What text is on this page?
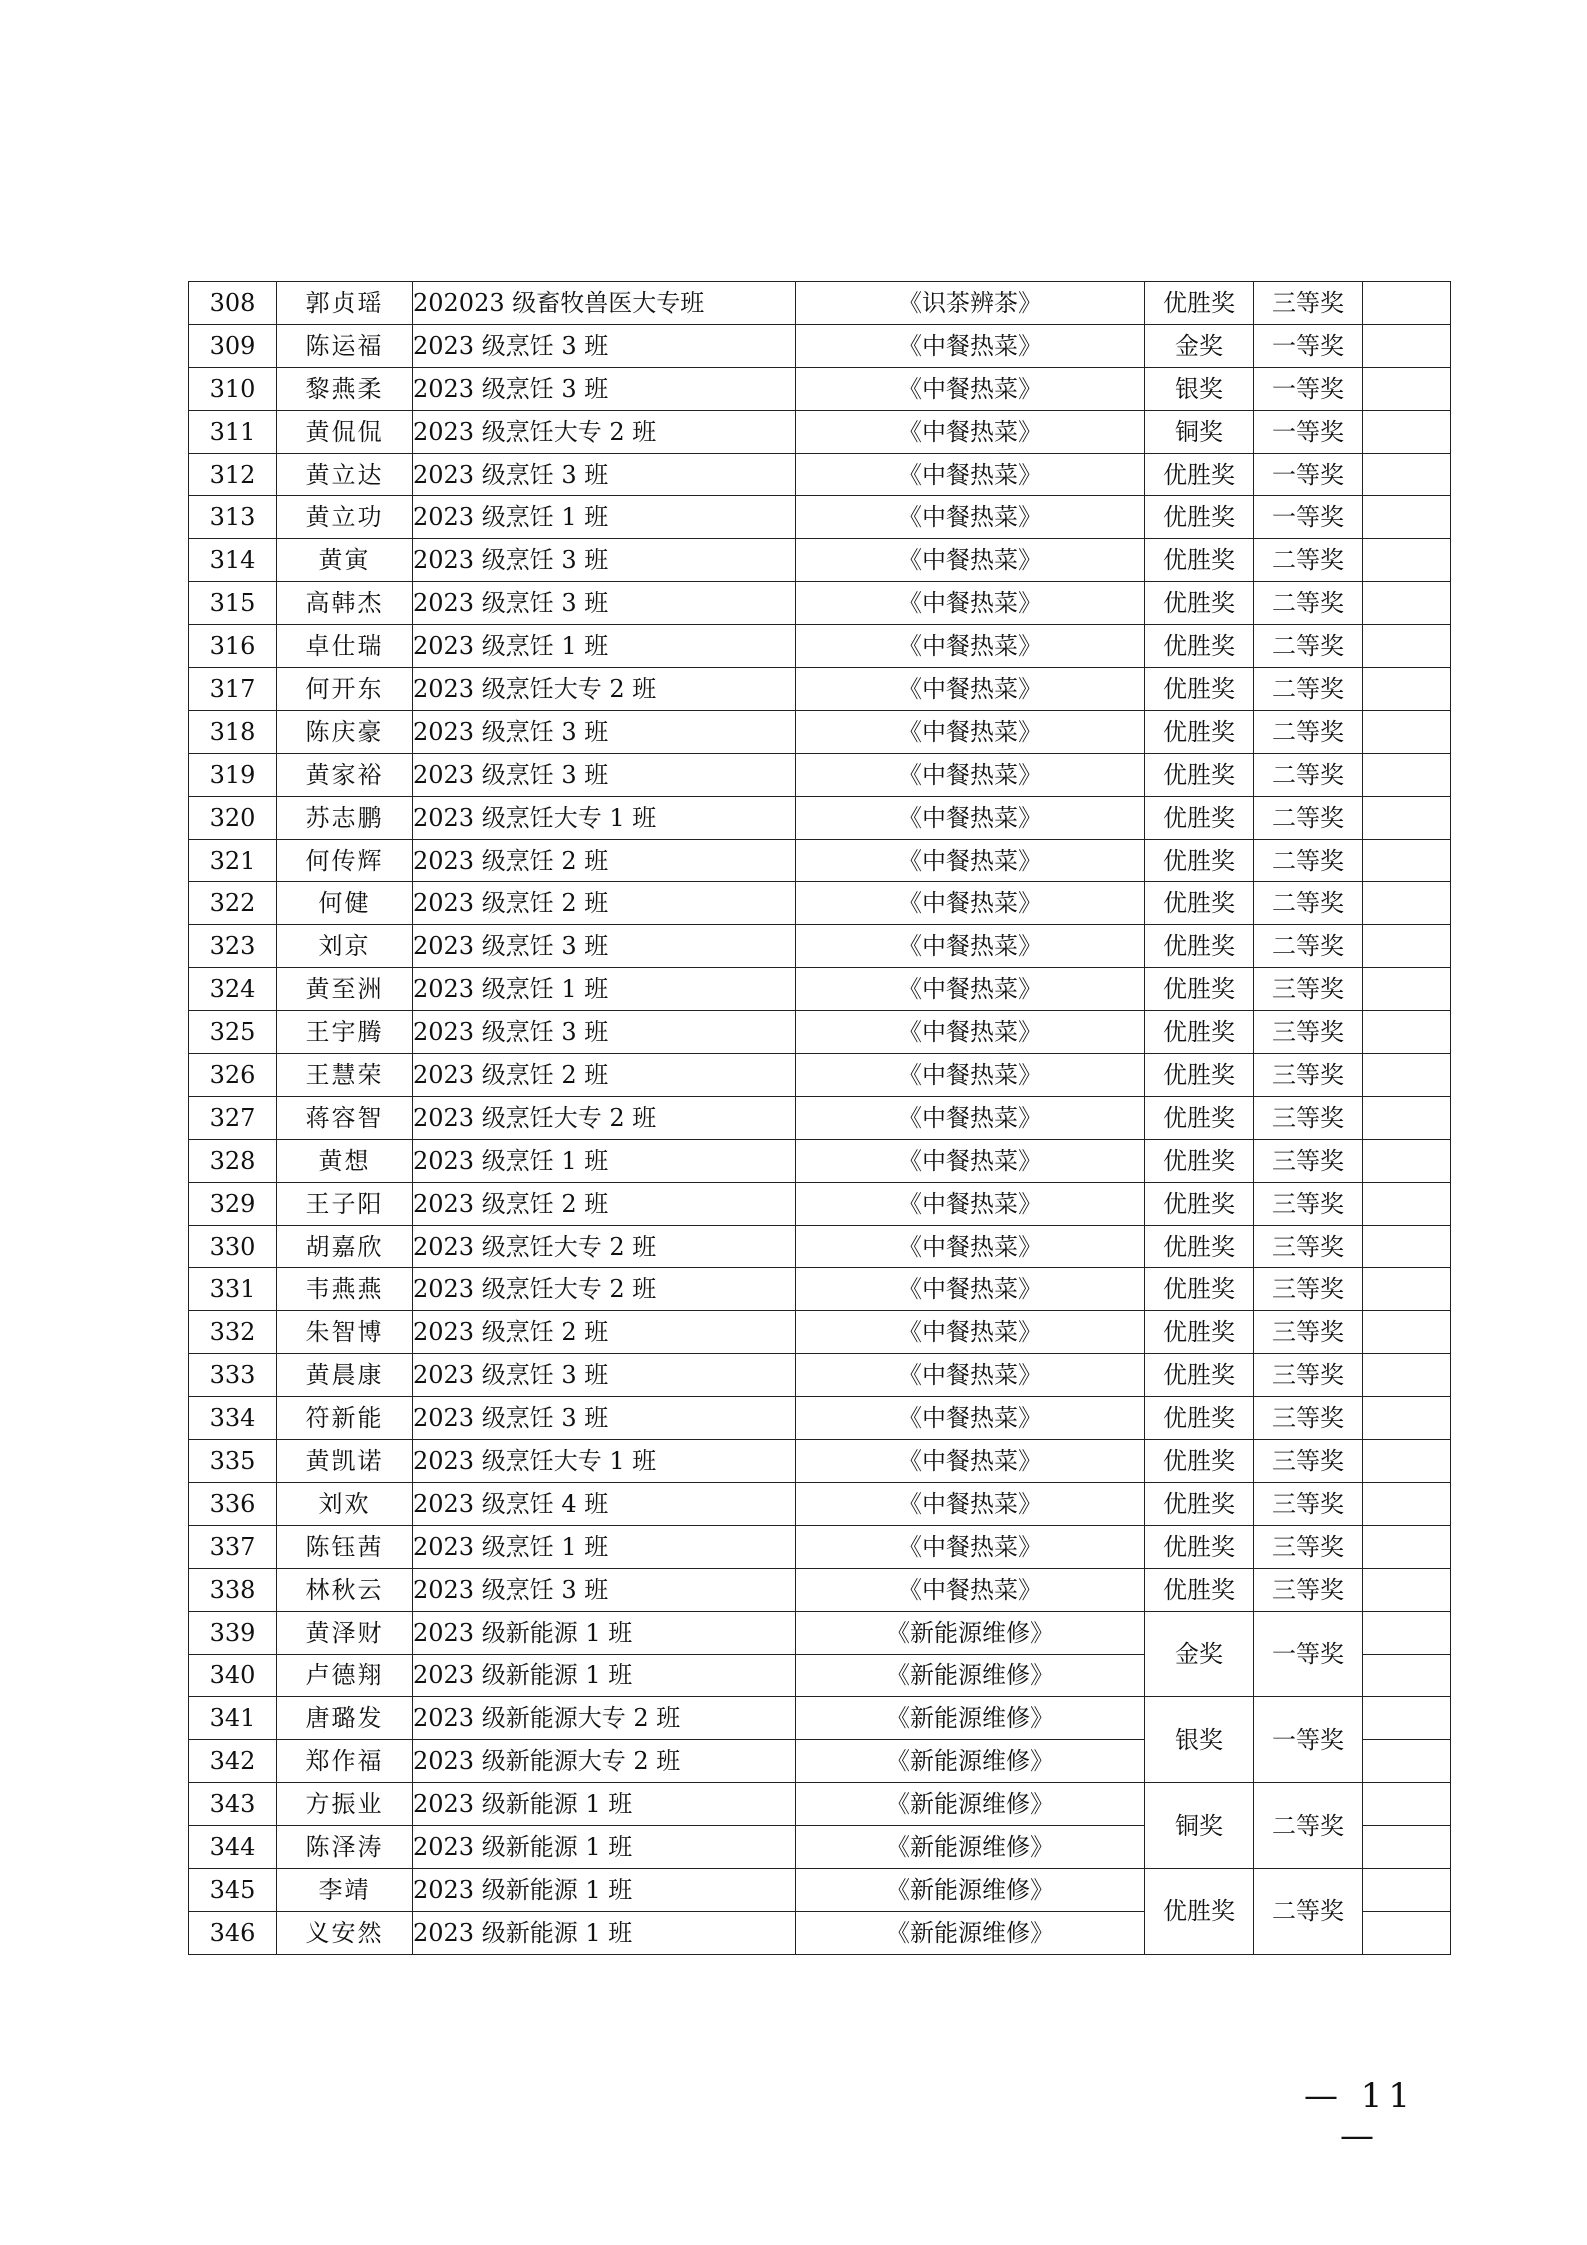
308	郭贞瑶	202023 级畜牧兽医大专班	《识茶辨茶》	优胜奖	三等奖	
309	陈运福	2023 级烹饪 3 班	《中餐热菜》	金奖	一等奖	
310	黎燕柔	2023 级烹饪 3 班	《中餐热菜》	银奖	一等奖	
311	黄侃侃	2023 级烹饪大专 2 班	《中餐热菜》	铜奖	一等奖	
312	黄立达	2023 级烹饪 3 班	《中餐热菜》	优胜奖	一等奖	
313	黄立功	2023 级烹饪 1 班	《中餐热菜》	优胜奖	一等奖	
314	黄寅	2023 级烹饪 3 班	《中餐热菜》	优胜奖	二等奖	
315	高韩杰	2023 级烹饪 3 班	《中餐热菜》	优胜奖	二等奖	
316	卓仕瑞	2023 级烹饪 1 班	《中餐热菜》	优胜奖	二等奖	
317	何开东	2023 级烹饪大专 2 班	《中餐热菜》	优胜奖	二等奖	
318	陈庆豪	2023 级烹饪 3 班	《中餐热菜》	优胜奖	二等奖	
319	黄家裕	2023 级烹饪 3 班	《中餐热菜》	优胜奖	二等奖	
320	苏志鹏	2023 级烹饪大专 1 班	《中餐热菜》	优胜奖	二等奖	
321	何传辉	2023 级烹饪 2 班	《中餐热菜》	优胜奖	二等奖	
322	何健	2023 级烹饪 2 班	《中餐热菜》	优胜奖	二等奖	
323	刘京	2023 级烹饪 3 班	《中餐热菜》	优胜奖	二等奖	
324	黄至洲	2023 级烹饪 1 班	《中餐热菜》	优胜奖	三等奖	
325	王宇腾	2023 级烹饪 3 班	《中餐热菜》	优胜奖	三等奖	
326	王慧荣	2023 级烹饪 2 班	《中餐热菜》	优胜奖	三等奖	
327	蒋容智	2023 级烹饪大专 2 班	《中餐热菜》	优胜奖	三等奖	
328	黄想	2023 级烹饪 1 班	《中餐热菜》	优胜奖	三等奖	
329	王子阳	2023 级烹饪 2 班	《中餐热菜》	优胜奖	三等奖	
330	胡嘉欣	2023 级烹饪大专 2 班	《中餐热菜》	优胜奖	三等奖	
331	韦燕燕	2023 级烹饪大专 2 班	《中餐热菜》	优胜奖	三等奖	
332	朱智博	2023 级烹饪 2 班	《中餐热菜》	优胜奖	三等奖	
333	黄晨康	2023 级烹饪 3 班	《中餐热菜》	优胜奖	三等奖	
334	符新能	2023 级烹饪 3 班	《中餐热菜》	优胜奖	三等奖	
335	黄凯诺	2023 级烹饪大专 1 班	《中餐热菜》	优胜奖	三等奖	
336	刘欢	2023 级烹饪 4 班	《中餐热菜》	优胜奖	三等奖	
337	陈钰茜	2023 级烹饪 1 班	《中餐热菜》	优胜奖	三等奖	
338	林秋云	2023 级烹饪 3 班	《中餐热菜》	优胜奖	三等奖	
339	黄泽财	2023 级新能源 1 班	《新能源维修》	金奖	一等奖	
340	卢德翔	2023 级新能源 1 班	《新能源维修》			
341	唐璐发	2023 级新能源大专 2 班	《新能源维修》	银奖	一等奖	
342	郑作福	2023 级新能源大专 2 班	《新能源维修》			
343	方振业	2023 级新能源 1 班	《新能源维修》	铜奖	二等奖	
344	陈泽涛	2023 级新能源 1 班	《新能源维修》			
345	李靖	2023 级新能源 1 班	《新能源维修》	优胜奖	二等奖	
346	义安然	2023 级新能源 1 班	《新能源维修》			
— 11 —
